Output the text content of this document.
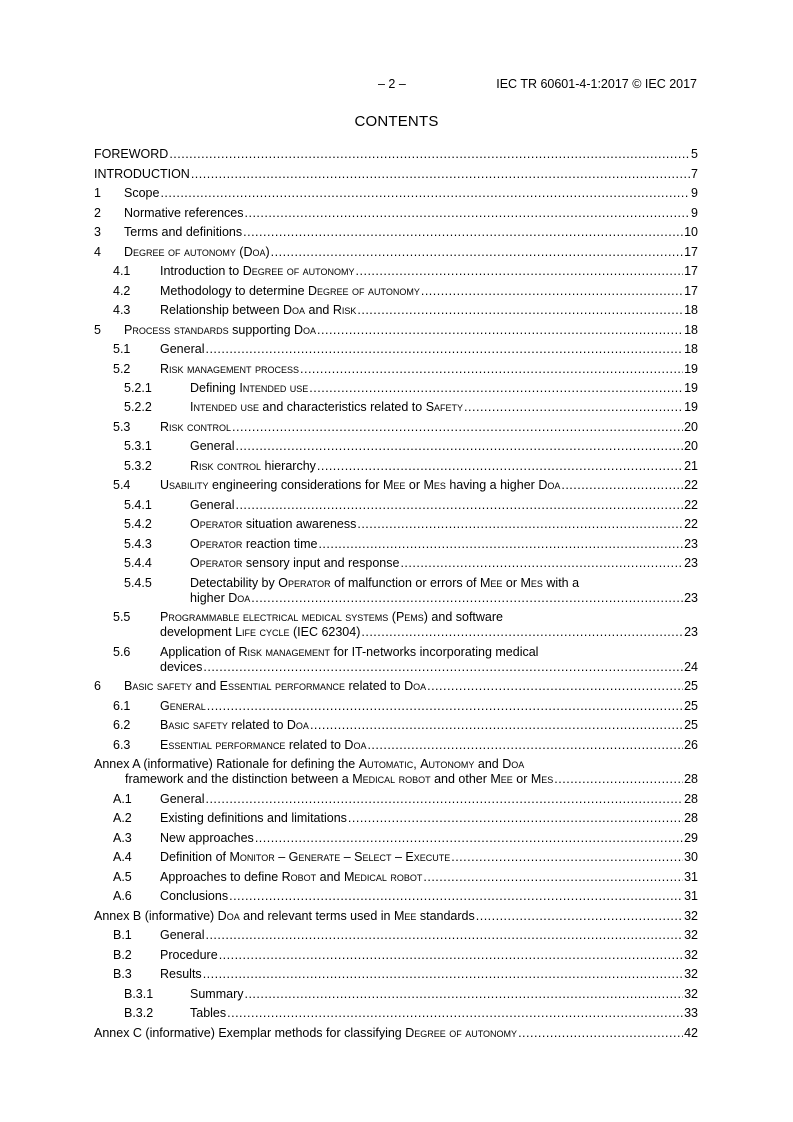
– 2 –	IEC TR 60601-4-1:2017 © IEC 2017
CONTENTS
FOREWORD .....	5
INTRODUCTION .....	7
1 Scope .....	9
2 Normative references .....	9
3 Terms and definitions .....	10
4 Degree of autonomy (Doa) .....	17
4.1 Introduction to Degree of autonomy .....	17
4.2 Methodology to determine Degree of autonomy .....	17
4.3 Relationship between Doa and Risk .....	18
5 Process standards supporting Doa .....	18
5.1 General .....	18
5.2 Risk management process .....	19
5.2.1	Defining Intended use .....	19
5.2.2	Intended use and characteristics related to Safety .....	19
5.3 Risk control .....	20
5.3.1	General .....	20
5.3.2	Risk control hierarchy .....	21
5.4 Usability engineering considerations for Mee or Mes having a higher Doa .....	22
5.4.1	General .....	22
5.4.2	Operator situation awareness .....	22
5.4.3	Operator reaction time .....	23
5.4.4	Operator sensory input and response .....	23
5.4.5	Detectability by Operator of malfunction or errors of Mee or Mes with a
higher Doa .....	23
5.5 Programmable electrical medical systems (Pems) and software
development Life cycle (IEC 62304) .....	23
5.6 Application of Risk management for IT-networks incorporating medical
devices .....	24
6 Basic safety and Essential performance related to Doa .....	25
6.1 General .....	25
6.2 Basic safety related to Doa .....	25
6.3 Essential performance related to Doa .....	26
Annex A (informative) Rationale for defining the Automatic, Autonomy and Doa
framework and the distinction between a Medical robot and other Mee or Mes .....	28
A.1 General .....	28
A.2 Existing definitions and limitations .....	28
A.3 New approaches .....	29
A.4 Definition of Monitor – Generate – Select – Execute .....	30
A.5 Approaches to define Robot and Medical robot .....	31
A.6 Conclusions .....	31
Annex B (informative) Doa and relevant terms used in Mee standards .....	32
B.1 General .....	32
B.2 Procedure .....	32
B.3 Results .....	32
B.3.1	Summary .....	32
B.3.2	Tables .....	33
Annex C (informative) Exemplar methods for classifying Degree of autonomy .....	42
